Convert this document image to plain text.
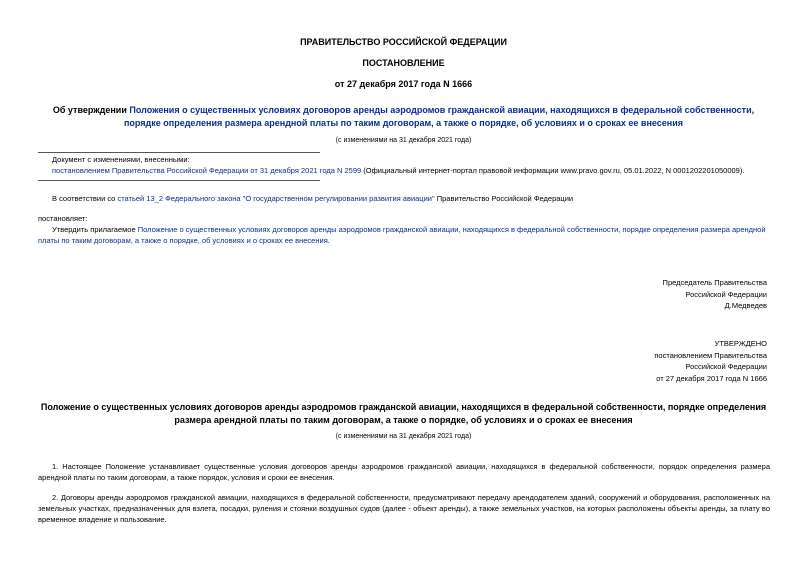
ПРАВИТЕЛЬСТВО РОССИЙСКОЙ ФЕДЕРАЦИИ
ПОСТАНОВЛЕНИЕ
от 27 декабря 2017 года N 1666
Об утверждении Положения о существенных условиях договоров аренды аэродромов гражданской авиации, находящихся в федеральной собственности, порядке определения размера арендной платы по таким договорам, а также о порядке, об условиях и о сроках ее внесения
(с изменениями на 31 декабря 2021 года)
Документ с изменениями, внесенными:
постановлением Правительства Российской Федерации от 31 декабря 2021 года N 2599 (Официальный интернет-портал правовой информации www.pravo.gov.ru, 05.01.2022, N 0001202201050009).
В соответствии со статьей 13_2 Федерального закона "О государственном регулировании развития авиации" Правительство Российской Федерации
постановляет:
Утвердить прилагаемое Положение о существенных условиях договоров аренды аэродромов гражданской авиации, находящихся в федеральной собственности, порядке определения размера арендной платы по таким договорам, а также о порядке, об условиях и о сроках ее внесения.
Председатель Правительства
Российской Федерации
Д.Медведев
УТВЕРЖДЕНО
постановлением Правительства
Российской Федерации
от 27 декабря 2017 года N 1666
Положение о существенных условиях договоров аренды аэродромов гражданской авиации, находящихся в федеральной собственности, порядке определения размера арендной платы по таким договорам, а также о порядке, об условиях и о сроках ее внесения
(с изменениями на 31 декабря 2021 года)
1. Настоящее Положение устанавливает существенные условия договоров аренды аэродромов гражданской авиации, находящихся в федеральной собственности, порядок определения размера арендной платы по таким договорам, а также порядок, условия и сроки ее внесения.
2. Договоры аренды аэродромов гражданской авиации, находящихся в федеральной собственности, предусматривают передачу арендодателем зданий, сооружений и оборудования, расположенных на земельных участках, предназначенных для взлета, посадки, руления и стоянки воздушных судов (далее - объект аренды), а также земельных участков, на которых расположены объекты аренды, за плату во временное владение и пользование.
